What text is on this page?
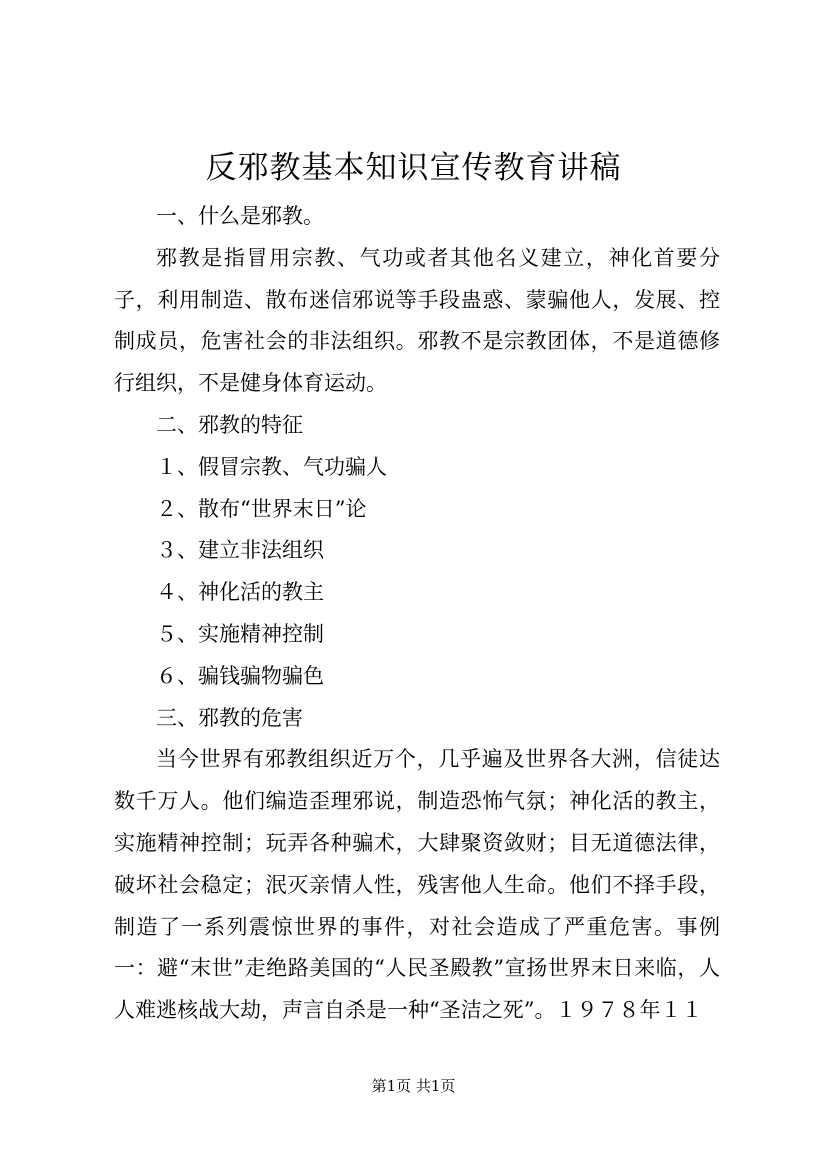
反邪教基本知识宣传教育讲稿

一、什么是邪教。

邪教是指冒用宗教、气功或者其他名义建立，神化首要分子，利用制造、散布迷信邪说等手段蛊惑、蒙骗他人，发展、控制成员，危害社会的非法组织。邪教不是宗教团体，不是道德修行组织，不是健身体育运动。

二、邪教的特征

１、假冒宗教、气功骗人

２、散布“世界末日”论

３、建立非法组织

４、神化活的教主

５、实施精神控制

６、骗钱骗物骗色

三、邪教的危害

当今世界有邪教组织近万个，几乎遍及世界各大洲，信徒达数千万人。他们编造歪理邪说，制造恐怖气氛；神化活的教主，实施精神控制；玩弄各种骗术，大肆聚资敛财；目无道德法律，破坏社会稳定；泯灭亲情人性，残害他人生命。他们不择手段，制造了一系列震惊世界的事件，对社会造成了严重危害。事例一：避“末世”走绝路美国的“人民圣殿教”宣扬世界末日来临，人人难逃核战大劫，声言自杀是一种“圣洁之死”。１９７８年１１

第1页 共1页
